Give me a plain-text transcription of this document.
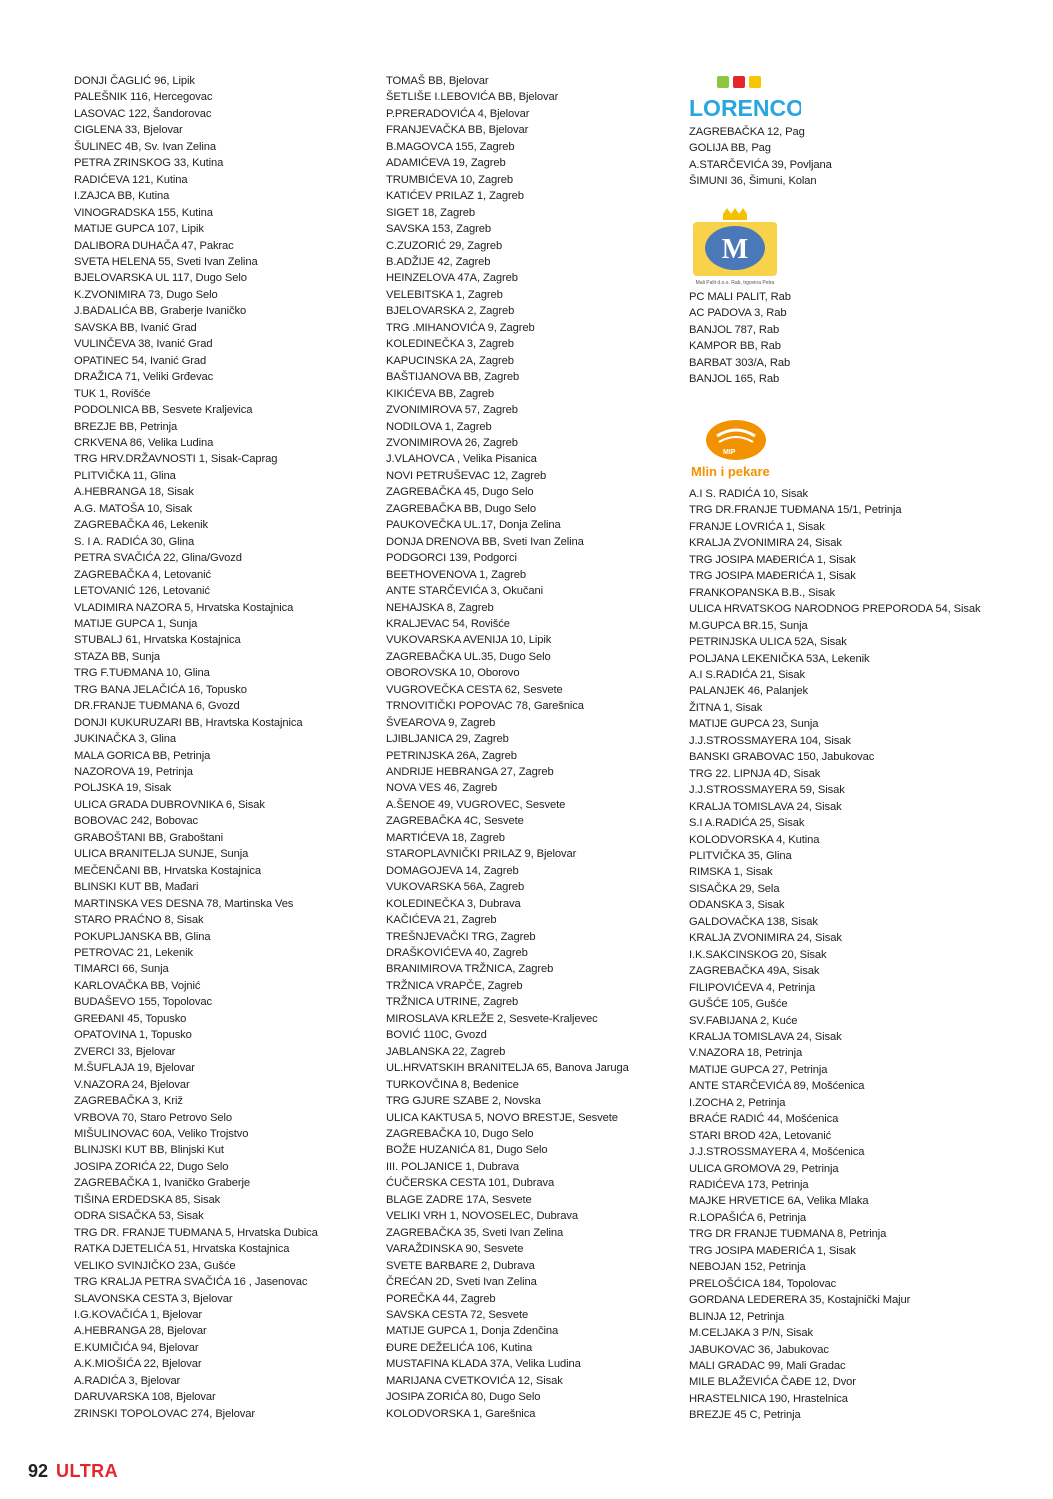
DONJI ČAGLIĆ 96, Lipik
PALEŠNIK 116, Hercegovac
LASOVAC 122, Šandorovac
CIGLENA 33, Bjelovar
ŠULINEC 4B, Sv. Ivan Zelina
PETRA ZRINSKOG 33, Kutina
RADIĆEVA 121, Kutina
I.ZAJCA BB, Kutina
VINOGRADSKA 155, Kutina
MATIJE GUPCA 107, Lipik
DALIBORA DUHAČA 47, Pakrac
SVETA HELENA 55, Sveti Ivan Zelina
BJELOVARSKA UL 117, Dugo Selo
K.ZVONIMIRA 73, Dugo Selo
J.BADALIĆA BB, Graberje Ivaničko
SAVSKA BB, Ivanić Grad
VULINČEVA 38, Ivanić Grad
OPATINEC 54, Ivanić Grad
DRAŽICA 71, Veliki Grđevac
TUK 1, Rovišće
PODOLNICA BB, Sesvete Kraljevica
BREZJE BB, Petrinja
CRKVENA 86, Velika Ludina
TRG HRV.DRŽAVNOSTI 1, Sisak-Caprag
PLITVIČKA 11, Glina
A.HEBRANGA 18, Sisak
A.G. MATOŠA 10, Sisak
ZAGREBAČKA 46, Lekenik
S. I A. RADIĆA 30, Glina
PETRA SVAČIĆA 22, Glina/Gvozd
ZAGREBAČKA 4, Letovanić
LETOVANIĆ 126, Letovanić
VLADIMIRA NAZORA 5, Hrvatska Kostajnica
MATIJE GUPCA 1, Sunja
STUBALJ 61, Hrvatska Kostajnica
STAZA BB, Sunja
TRG F.TUĐMANA 10, Glina
TRG BANA JELAČIĆA 16, Topusko
DR.FRANJE TUĐMANA 6, Gvozd
DONJI KUKURUZARI BB, Hravtska Kostajnica
JUKINAČKA 3, Glina
MALA GORICA BB, Petrinja
NAZOROVA 19, Petrinja
POLJSKA 19, Sisak
ULICA GRADA DUBROVNIKA 6, Sisak
BOBOVAC 242, Bobovac
GRABOŠTANI BB, Graboštani
ULICA BRANITELJA SUNJE, Sunja
MEČENČANI BB, Hrvatska Kostajnica
BLINSKI KUT BB, Mađari
MARTINSKA VES DESNA 78, Martinska Ves
STARO PRAĆNO 8, Sisak
POKUPLJANSKA BB, Glina
PETROVAC 21, Lekenik
TIMARCI 66, Sunja
KARLOVAČKA BB, Vojnić
BUDAŠEVO 155, Topolovac
GREĐANI 45, Topusko
OPATOVINA 1, Topusko
ZVERCI 33, Bjelovar
M.ŠUFLAJA 19, Bjelovar
V.NAZORA 24, Bjelovar
ZAGREBAČKA 3, Križ
VRBOVA 70, Staro Petrovo Selo
MIŠULINOVAC 60A, Veliko Trojstvo
BLINJSKI KUT BB, Blinjski Kut
JOSIPA ZORIĆA 22, Dugo Selo
ZAGREBAČKA 1, Ivaničko Graberje
TIŠINA ERDEDSKA 85, Sisak
ODRA SISAČKA 53, Sisak
TRG DR. FRANJE TUĐMANA 5, Hrvatska Dubica
RATKA DJETELIĆA 51, Hrvatska Kostajnica
VELIKO SVINJIČKO 23A, Gušće
TRG KRALJA PETRA SVAČIĆA 16 , Jasenovac
SLAVONSKA CESTA 3, Bjelovar
I.G.KOVAČIĆA 1, Bjelovar
A.HEBRANGA 28, Bjelovar
E.KUMIČIĆA 94, Bjelovar
A.K.MIOŠIĆA 22, Bjelovar
A.RADIĆA 3, Bjelovar
DARUVARSKA 108, Bjelovar
ZRINSKI TOPOLOVAC 274, Bjelovar
TOMAŠ BB, Bjelovar
ŠETLIŠE I.LEBOVIĆA BB, Bjelovar
P.PRERADOVIĆA 4, Bjelovar
FRANJEVAČKA BB, Bjelovar
B.MAGOVCA 155, Zagreb
ADAMIĆEVA 19, Zagreb
TRUMBIĆEVA 10, Zagreb
KATIĆEV PRILAZ 1, Zagreb
SIGET 18, Zagreb
SAVSKA 153, Zagreb
C.ZUZORIĆ 29, Zagreb
B.ADŽIJE 42, Zagreb
HEINZELOVA 47A, Zagreb
VELEBITSKA 1, Zagreb
BJELOVARSKA 2, Zagreb
TRG .MIHANOVIĆA 9, Zagreb
KOLEDINEČKA 3, Zagreb
KAPUCINSKA 2A, Zagreb
BAŠTIJANOVA BB, Zagreb
KIKIĆEVA BB, Zagreb
ZVONIMIROVA 57, Zagreb
NODILOVA 1, Zagreb
ZVONIMIROVA 26, Zagreb
J.VLAHOVCA , Velika Pisanica
NOVI PETRUŠEVAC 12, Zagreb
ZAGREBAČKA 45, Dugo Selo
ZAGREBAČKA BB, Dugo Selo
PAUKOVEČKA UL.17, Donja Zelina
DONJA DRENOVA BB, Sveti Ivan Zelina
PODGORCI 139, Podgorci
BEETHOVENOVA 1, Zagreb
ANTE STARČEVIĆA 3, Okučani
NEHAJSKA 8, Zagreb
KRALJEVAC 54, Rovišće
VUKOVARSKA AVENIJA 10, Lipik
ZAGREBAČKA UL.35, Dugo Selo
OBOROVSKA 10, Oborovo
VUGROVEČKA CESTA 62, Sesvete
TRNOVITIČKI POPOVAC 78, Garešnica
ŠVEAROVA 9, Zagreb
LJIBLJANICA 29, Zagreb
PETRINJSKA 26A, Zagreb
ANDRIJE HEBRANGA 27, Zagreb
NOVA VES 46, Zagreb
A.ŠENOE 49, VUGROVEC, Sesvete
ZAGREBAČKA 4C, Sesvete
MARTIĆEVA 18, Zagreb
STAROPLAVNIČKI PRILAZ 9, Bjelovar
DOMAGOJEVA 14, Zagreb
VUKOVARSKA 56A, Zagreb
KOLEDINEČKA 3, Dubrava
KAČIĆEVA 21, Zagreb
TREŠNJEVAČKI TRG, Zagreb
DRAŠKOVIĆEVA 40, Zagreb
BRANIMIROVA TRŽNICA, Zagreb
TRŽNICA VRAPČE, Zagreb
TRŽNICA UTRINE, Zagreb
MIROSLAVA KRLEŽE 2, Sesvete-Kraljevec
BOVIĆ 110C, Gvozd
JABLANSKA 22, Zagreb
UL.HRVATSKIH BRANITELJA 65, Banova Jaruga
TURKOVČINA 8, Bedenice
TRG GJURE SZABE 2, Novska
ULICA KAKTUSA 5, NOVO BRESTJE, Sesvete
ZAGREBAČKA 10, Dugo Selo
BOŽE HUZANIĆA 81, Dugo Selo
III. POLJANICE 1, Dubrava
ĆUČERSKA CESTA 101, Dubrava
BLAGE ZADRE 17A, Sesvete
VELIKI VRH 1, NOVOSELEC, Dubrava
ZAGREBAČKA 35, Sveti Ivan Zelina
VARAŽDINSKA 90, Sesvete
SVETE BARBARE 2, Dubrava
ČREĆAN 2D, Sveti Ivan Zelina
POREČKA 44, Zagreb
SAVSKA CESTA 72, Sesvete
MATIJE GUPCA 1, Donja Zdenčina
ĐURE DEŽELIĆA 106, Kutina
MUSTAFINA KLADA 37A, Velika Ludina
MARIJANA CVETKOVIĆA 12, Sisak
JOSIPA ZORIĆA 80, Dugo Selo
KOLODVORSKA 1, Garešnica
LORENCO
ZAGREBAČKA 12, Pag
GOLIJA BB, Pag
A.STARČEVIĆA 39, Povljana
ŠIMUNI 36, Šimuni, Kolan
M
Mali Palit d.o.o. Rab, trgovina Petra
PC MALI PALIT, Rab
AC PADOVA 3, Rab
BANJOL 787, Rab
KAMPOR BB, Rab
BARBAT 303/A, Rab
BANJOL 165, Rab
MIP
Mlin i pekare
A.I S. RADIĆA 10, Sisak
TRG DR.FRANJE TUĐMANA 15/1, Petrinja
FRANJE LOVRIĆA 1, Sisak
KRALJA ZVONIMIRA 24, Sisak
TRG JOSIPA MAĐERIĆA 1, Sisak
TRG JOSIPA MAĐERIĆA 1, Sisak
FRANKOPANSKA B.B., Sisak
ULICA HRVATSKOG NARODNOG PREPORODA 54, Sisak
M.GUPCA BR.15, Sunja
PETRINJSKA ULICA 52A, Sisak
POLJANA LEKENIČKA 53A, Lekenik
A.I S.RADIĆA 21, Sisak
PALANJEK 46, Palanjek
ŽITNA 1, Sisak
MATIJE GUPCA 23, Sunja
J.J.STROSSMAYERA 104, Sisak
BANSKI GRABOVAC 150, Jabukovac
TRG 22. LIPNJA 4D, Sisak
J.J.STROSSMAYERA 59, Sisak
KRALJA TOMISLAVA 24, Sisak
S.I A.RADIĆA 25, Sisak
KOLODVORSKA 4, Kutina
PLITVIČKA 35, Glina
RIMSKA 1, Sisak
SISAČKA 29, Sela
ODANSKA 3, Sisak
GALDOVAČKA 138, Sisak
KRALJA ZVONIMIRA 24, Sisak
I.K.SAKCINSKOG 20, Sisak
ZAGREBAČKA 49A, Sisak
FILIPOVIĆEVA 4, Petrinja
GUŠĆE 105, Gušće
SV.FABIJANA 2, Kuće
KRALJA TOMISLAVA 24, Sisak
V.NAZORA 18, Petrinja
MATIJE GUPCA 27, Petrinja
ANTE STARČEVIĆA 89, Mošćenica
I.ZOCHA 2, Petrinja
BRAĆE RADIĆ 44, Mošćenica
STARI BROD 42A, Letovanić
J.J.STROSSMAYERA 4, Mošćenica
ULICA GROMOVA 29, Petrinja
RADIĆEVA 173, Petrinja
MAJKE HRVETICE 6A, Velika Mlaka
R.LOPAŠIĆA 6, Petrinja
TRG DR FRANJE TUĐMANA 8, Petrinja
TRG JOSIPA MAĐERIĆA 1, Sisak
NEBOJAN 152, Petrinja
PRELOŠĆICA 184, Topolovac
GORDANA LEDERERA 35, Kostajnički Majur
BLINJA 12, Petrinja
M.CELJAKA 3 P/N, Sisak
JABUKOVAC 36, Jabukovac
MALI GRADAC 99, Mali Gradac
MILE BLAŽEVIĆA ČAĐE 12, Dvor
HRASTELNICA 190, Hrastelnica
BREZJE 45 C, Petrinja
92 ULTRA
